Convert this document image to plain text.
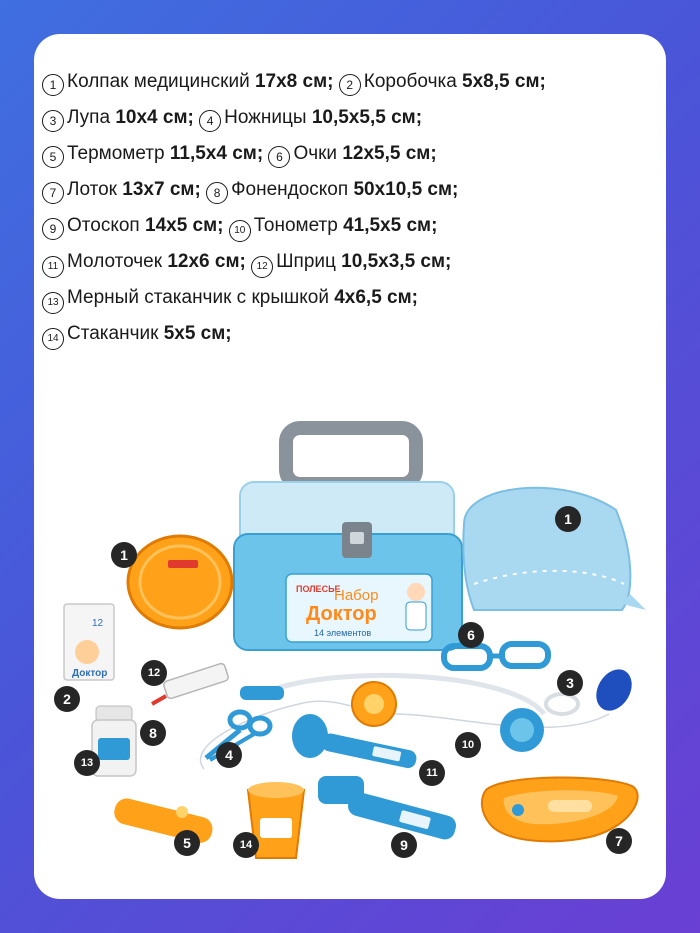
1 Колпак медицинский 17х8 см; 2 Коробочка 5х8,5 см;
3 Лупа 10х4 см; 4 Ножницы 10,5х5,5 см;
5 Термометр 11,5х4 см; 6 Очки 12х5,5 см;
7 Лоток 13х7 см; 8 Фонендоскоп 50х10,5 см;
9 Отоскоп 14х5 см; 10 Тонометр 41,5х5 см;
11 Молоточек 12х6 см; 12 Шприц 10,5х3,5 см;
13 Мерный стаканчик с крышкой 4х6,5 см;
14 Стаканчик 5х5 см;
ПОЛЕСЬЕ
Набор
Доктор
14 элементов
Доктор
12
1
1
2
3
4
5
6
7
8
9
10
11
12
13
14
